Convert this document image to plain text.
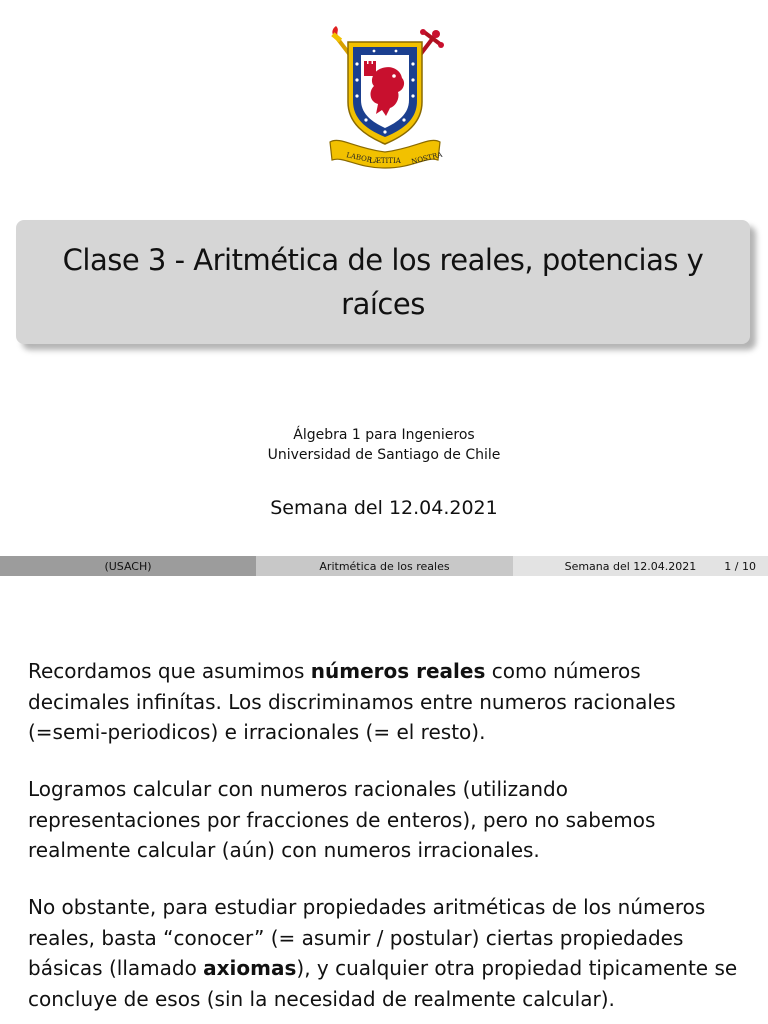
LABOR
LÆTITIA NOSTRA
Clase 3 - Aritmética de los reales, potencias y raíces
Álgebra 1 para Ingenieros
Universidad de Santiago de Chile
Semana del 12.04.2021
(USACH)	Aritmética de los reales	Semana del 12.04.2021	1 / 10
Recordamos que asumimos números reales como números decimales infinítas. Los discriminamos entre numeros racionales (=semi-periodicos) e irracionales (= el resto).
Logramos calcular con numeros racionales (utilizando representaciones por fracciones de enteros), pero no sabemos realmente calcular (aún) con numeros irracionales.
No obstante, para estudiar propiedades aritméticas de los números reales, basta “conocer” (= asumir / postular) ciertas propiedades básicas (llamado axiomas), y cualquier otra propiedad tipicamente se concluye de esos (sin la necesidad de realmente calcular).
